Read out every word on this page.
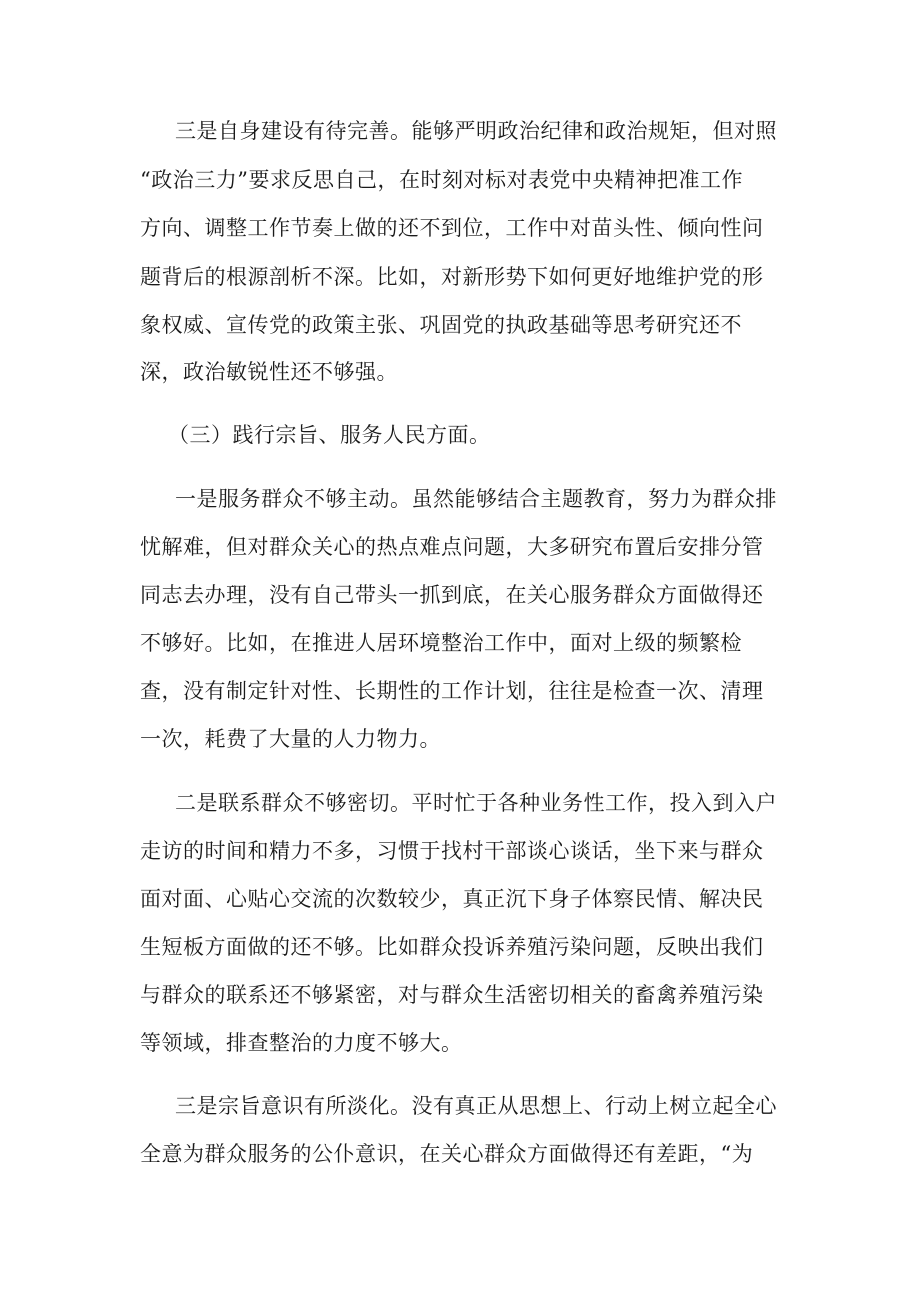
三是自身建设有待完善。能够严明政治纪律和政治规矩，但对照

“政治三力”要求反思自己，在时刻对标对表党中央精神把准工作

方向、调整工作节奏上做的还不到位，工作中对苗头性、倾向性问

题背后的根源剖析不深。比如，对新形势下如何更好地维护党的形

象权威、宣传党的政策主张、巩固党的执政基础等思考研究还不

深，政治敏锐性还不够强。

（三）践行宗旨、服务人民方面。

一是服务群众不够主动。虽然能够结合主题教育，努力为群众排

忧解难，但对群众关心的热点难点问题，大多研究布置后安排分管

同志去办理，没有自己带头一抓到底，在关心服务群众方面做得还

不够好。比如，在推进人居环境整治工作中，面对上级的频繁检

查，没有制定针对性、长期性的工作计划，往往是检查一次、清理

一次，耗费了大量的人力物力。

二是联系群众不够密切。平时忙于各种业务性工作，投入到入户

走访的时间和精力不多，习惯于找村干部谈心谈话，坐下来与群众

面对面、心贴心交流的次数较少，真正沉下身子体察民情、解决民

生短板方面做的还不够。比如群众投诉养殖污染问题，反映出我们

与群众的联系还不够紧密，对与群众生活密切相关的畜禽养殖污染

等领域，排查整治的力度不够大。

三是宗旨意识有所淡化。没有真正从思想上、行动上树立起全心

全意为群众服务的公仆意识，在关心群众方面做得还有差距，“为
